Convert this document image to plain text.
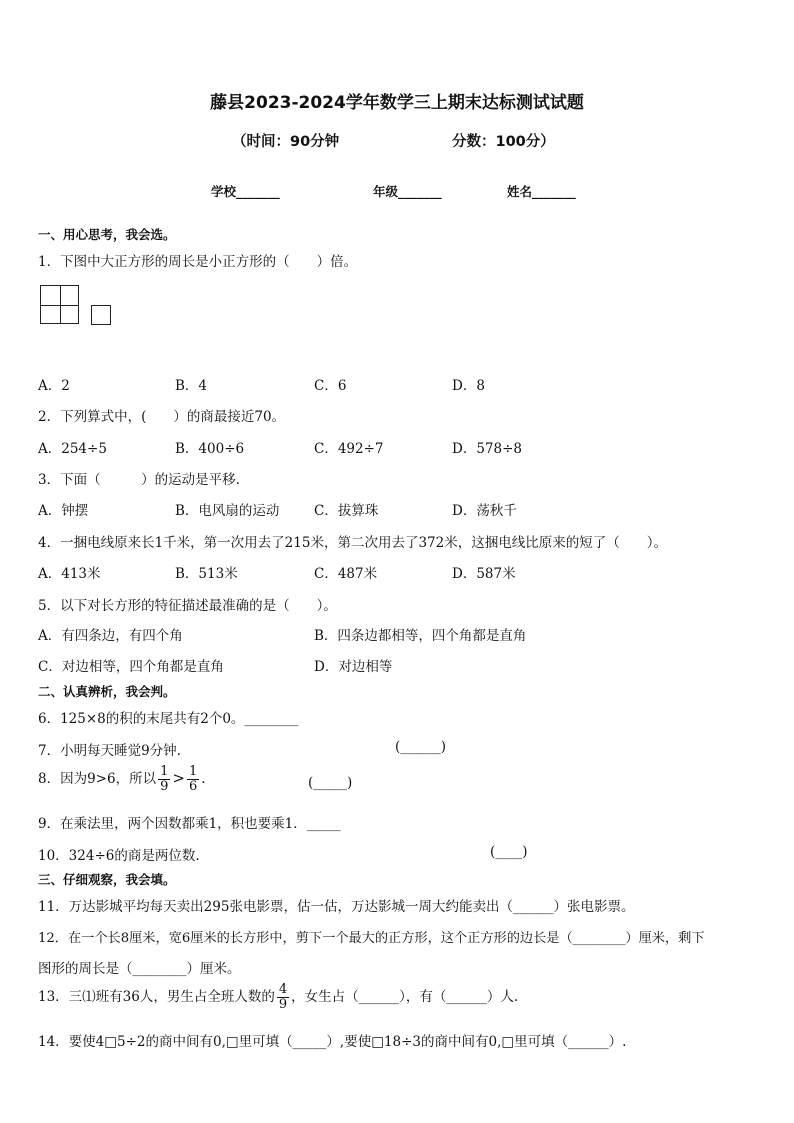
藤县2023-2024学年数学三上期末达标测试试题
（时间：90分钟	分数：100分）
学校_______	年级_______	姓名_______
一、用心思考，我会选。
1．下图中大正方形的周长是小正方形的（　　）倍。
A．2	B．4	C．6	D．8
2．下列算式中，(　　）的商最接近70。
A．254÷5	B．400÷6	C．492÷7	D．578÷8
3．下面（　　　）的运动是平移.
A．钟摆	B．电风扇的运动	C．拔算珠	D．荡秋千
4．一捆电线原来长1千米，第一次用去了215米，第二次用去了372米，这捆电线比原来的短了（　　）。
A．413米	B．513米	C．487米	D．587米
5．以下对长方形的特征描述最准确的是（　　）。
A．有四条边，有四个角	B．四条边都相等，四个角都是直角
C．对边相等，四个角都是直角	D．对边相等
二、认真辨析，我会判。
6．125×8的积的末尾共有2个0。________
7．小明每天睡觉9分钟.	(______)
8．因为9>6，所以 $\frac{1}{9} > \frac{1}{6}$ .	(_____)
9．在乘法里，两个因数都乘1，积也要乘1．_____
10．324÷6的商是两位数.	(____)
三、仔细观察，我会填。
11．万达影城平均每天卖出295张电影票，估一估，万达影城一周大约能卖出（______）张电影票。
12．在一个长8厘米，宽6厘米的长方形中，剪下一个最大的正方形，这个正方形的边长是（________）厘米，剩下
图形的周长是（________）厘米。
13．三⑴班有36人，男生占全班人数的 $\frac{4}{9}$ ，女生占（______），有（______）人.
14．要使4□5÷2的商中间有0,□里可填（_____）,要使□18÷3的商中间有0,□里可填（______）.
